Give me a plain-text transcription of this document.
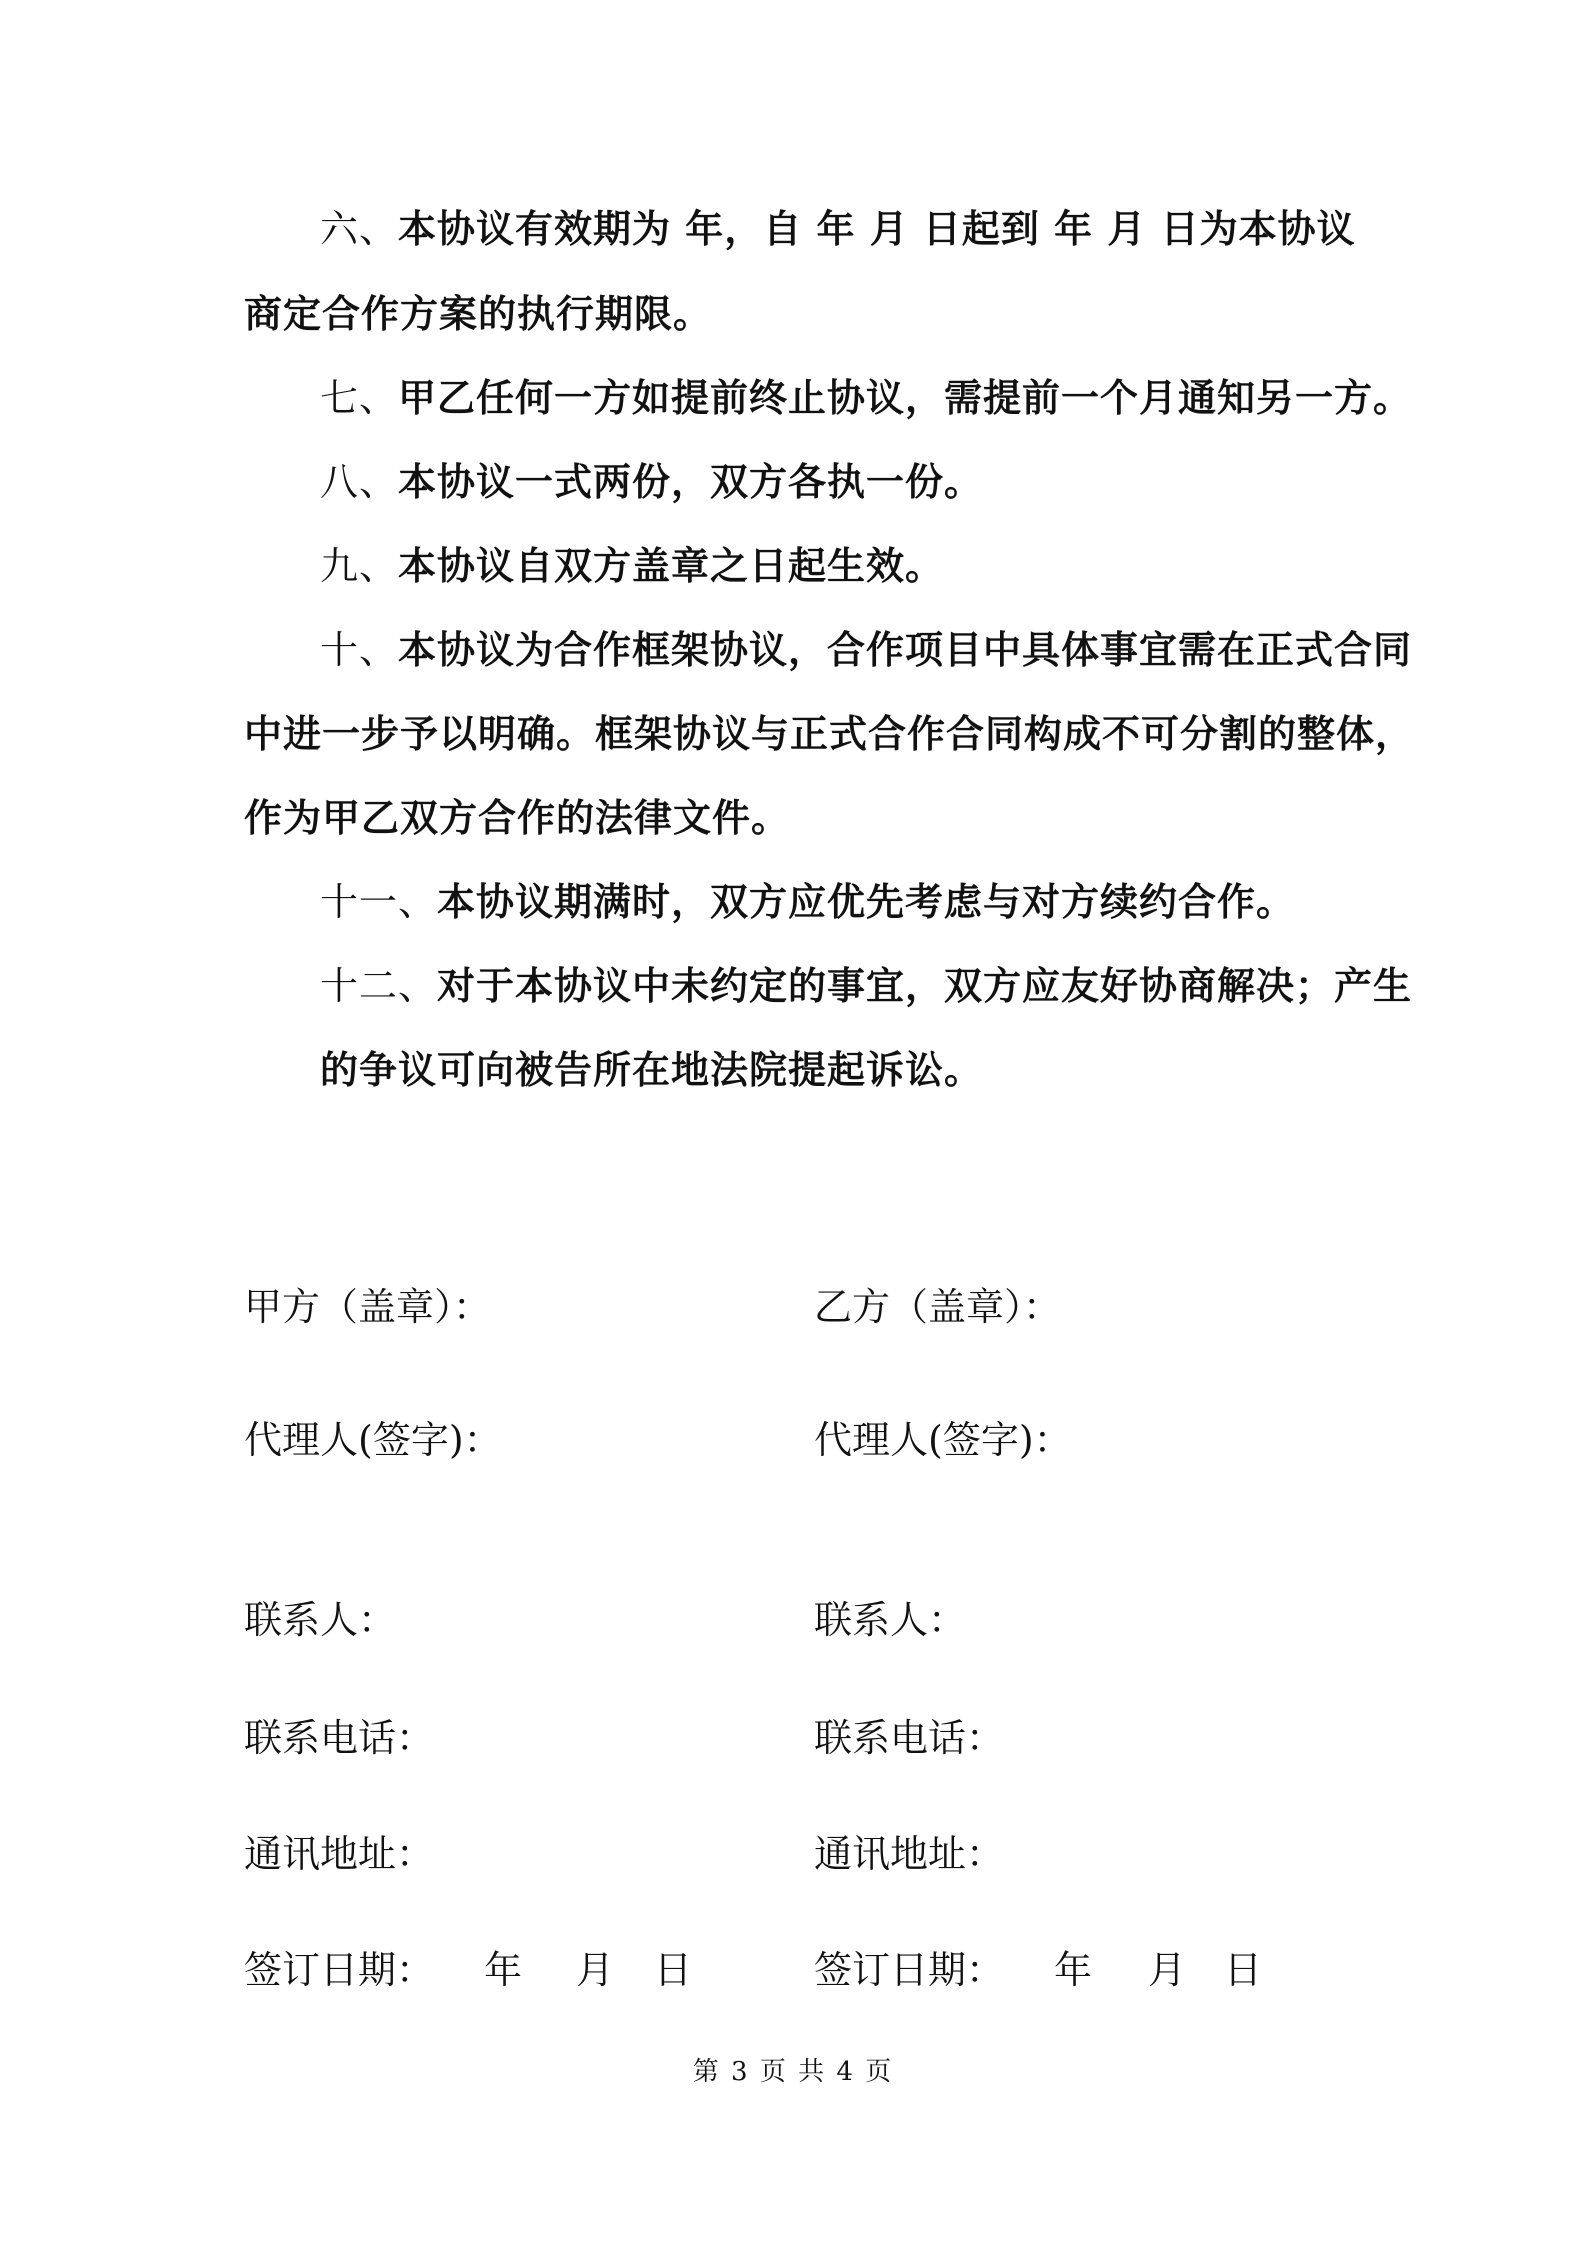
六、本协议有效期为 年，自 年 月 日起到 年 月 日为本协议
商定合作方案的执行期限。
七、甲乙任何一方如提前终止协议，需提前一个月通知另一方。
八、本协议一式两份，双方各执一份。
九、本协议自双方盖章之日起生效。
十、本协议为合作框架协议，合作项目中具体事宜需在正式合同
中进一步予以明确。框架协议与正式合作合同构成不可分割的整体，
作为甲乙双方合作的法律文件。
十一、本协议期满时，双方应优先考虑与对方续约合作。
十二、对于本协议中未约定的事宜，双方应友好协商解决；产生
的争议可向被告所在地法院提起诉讼。
甲方（盖章）：
代理人(签字)：
联系人：
联系电话：
通讯地址：
签订日期： 年 月 日
乙方（盖章）：
代理人(签字)：
联系人：
联系电话：
通讯地址：
签订日期： 年 月 日
第 3 页 共 4 页
